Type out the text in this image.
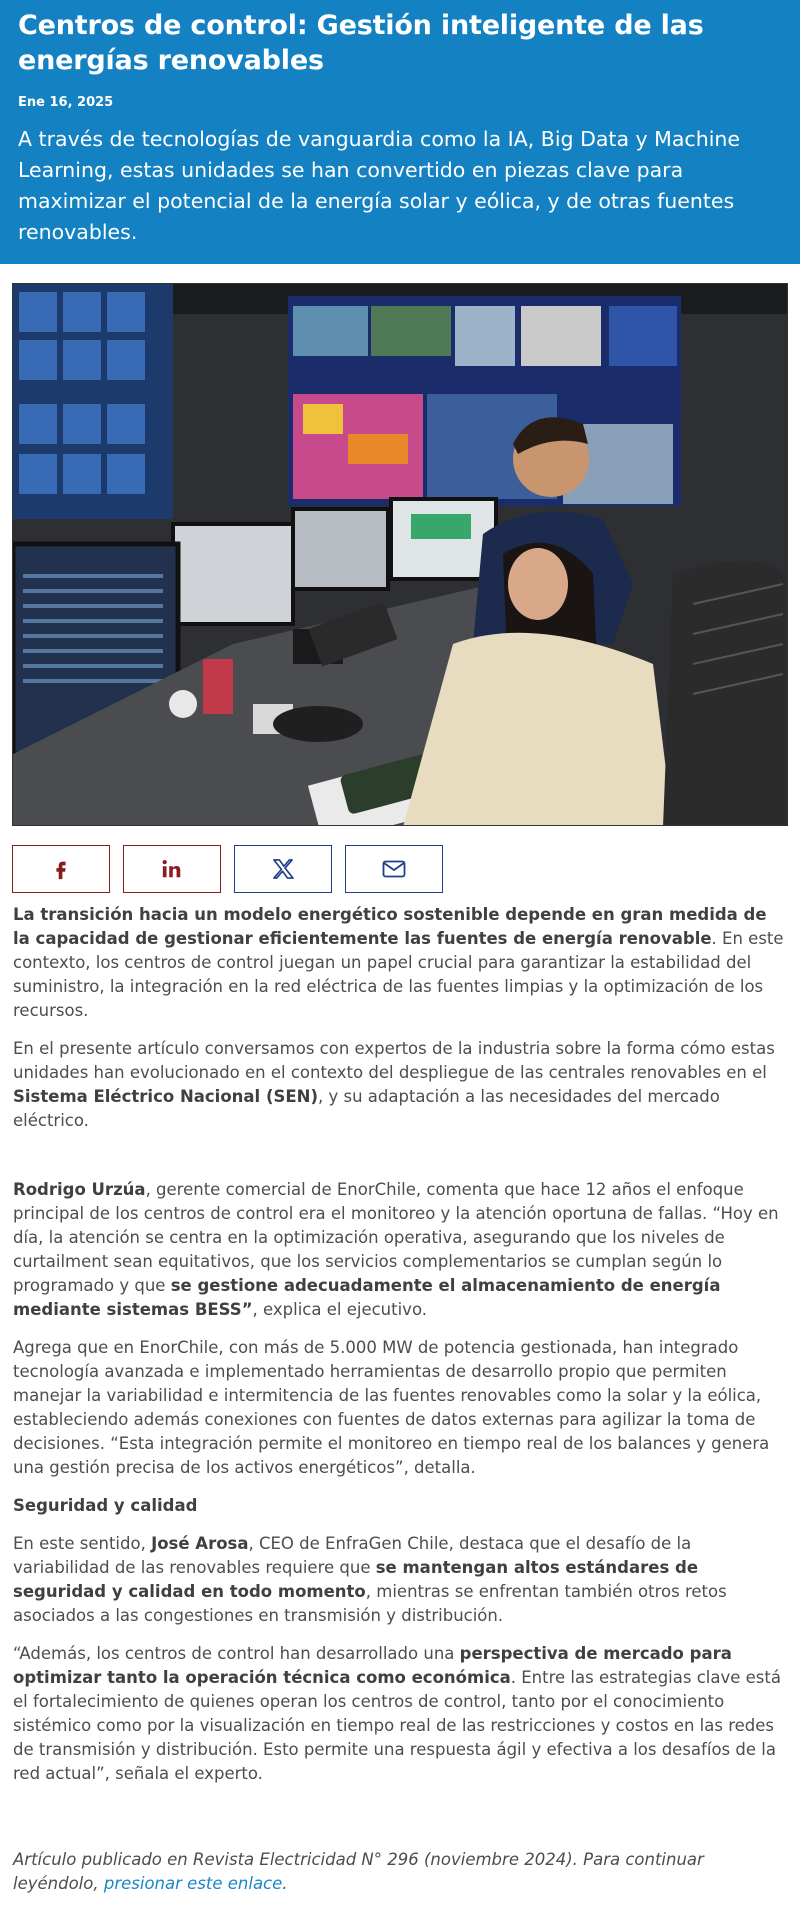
Centros de control: Gestión inteligente de las energías renovables
Ene 16, 2025
A través de tecnologías de vanguardia como la IA, Big Data y Machine Learning, estas unidades se han convertido en piezas clave para maximizar el potencial de la energía solar y eólica, y de otras fuentes renovables.

La transición hacia un modelo energético sostenible depende en gran medida de la capacidad de gestionar eficientemente las fuentes de energía renovable. En este contexto, los centros de control juegan un papel crucial para garantizar la estabilidad del suministro, la integración en la red eléctrica de las fuentes limpias y la optimización de los recursos.

En el presente artículo conversamos con expertos de la industria sobre la forma cómo estas unidades han evolucionado en el contexto del despliegue de las centrales renovables en el Sistema Eléctrico Nacional (SEN), y su adaptación a las necesidades del mercado eléctrico.

Rodrigo Urzúa, gerente comercial de EnorChile, comenta que hace 12 años el enfoque principal de los centros de control era el monitoreo y la atención oportuna de fallas. “Hoy en día, la atención se centra en la optimización operativa, asegurando que los niveles de curtailment sean equitativos, que los servicios complementarios se cumplan según lo programado y que se gestione adecuadamente el almacenamiento de energía mediante sistemas BESS”, explica el ejecutivo.

Agrega que en EnorChile, con más de 5.000 MW de potencia gestionada, han integrado tecnología avanzada e implementado herramientas de desarrollo propio que permiten manejar la variabilidad e intermitencia de las fuentes renovables como la solar y la eólica, estableciendo además conexiones con fuentes de datos externas para agilizar la toma de decisiones. “Esta integración permite el monitoreo en tiempo real de los balances y genera una gestión precisa de los activos energéticos”, detalla.

Seguridad y calidad

En este sentido, José Arosa, CEO de EnfraGen Chile, destaca que el desafío de la variabilidad de las renovables requiere que se mantengan altos estándares de seguridad y calidad en todo momento, mientras se enfrentan también otros retos asociados a las congestiones en transmisión y distribución.

“Además, los centros de control han desarrollado una perspectiva de mercado para optimizar tanto la operación técnica como económica. Entre las estrategias clave está el fortalecimiento de quienes operan los centros de control, tanto por el conocimiento sistémico como por la visualización en tiempo real de las restricciones y costos en las redes de transmisión y distribución. Esto permite una respuesta ágil y efectiva a los desafíos de la red actual”, señala el experto.

Artículo publicado en Revista Electricidad N° 296 (noviembre 2024). Para continuar leyéndolo, presionar este enlace.
